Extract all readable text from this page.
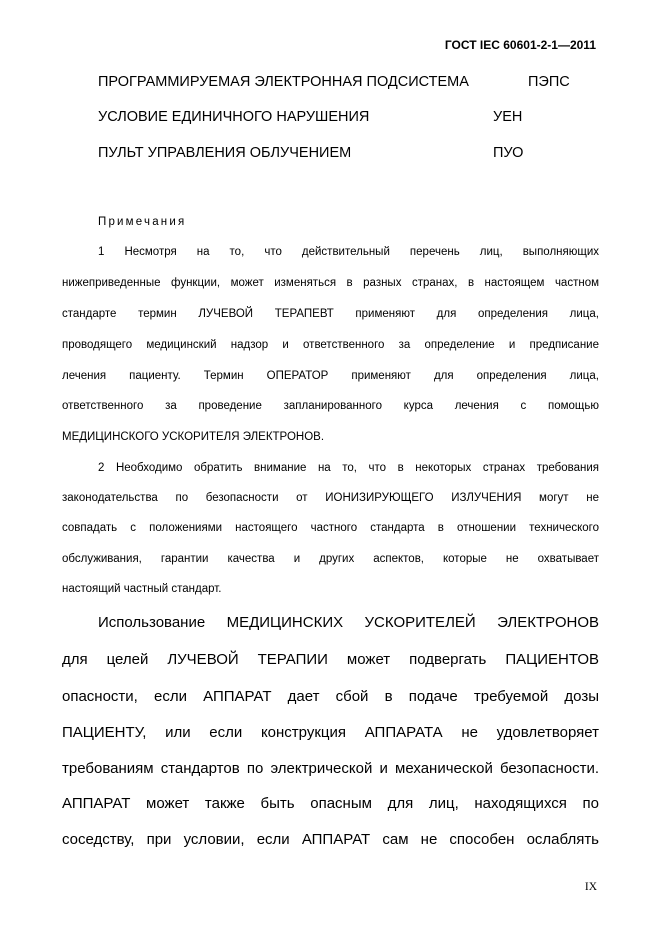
ГОСТ IEC 60601-2-1—2011
ПРОГРАММИРУЕМАЯ ЭЛЕКТРОННАЯ ПОДСИСТЕМА	ПЭПС
УСЛОВИЕ ЕДИНИЧНОГО НАРУШЕНИЯ	УЕН
ПУЛЬТ УПРАВЛЕНИЯ ОБЛУЧЕНИЕМ	ПУО
Примечания
1 Несмотря на то, что действительный перечень лиц, выполняющих
нижеприведенные функции, может изменяться в разных странах, в настоящем частном
стандарте термин ЛУЧЕВОЙ ТЕРАПЕВТ применяют для определения лица,
проводящего медицинский надзор и ответственного за определение и предписание
лечения пациенту. Термин ОПЕРАТОР применяют для определения лица,
ответственного за проведение запланированного курса лечения с помощью
МЕДИЦИНСКОГО УСКОРИТЕЛЯ ЭЛЕКТРОНОВ.
2 Необходимо обратить внимание на то, что в некоторых странах требования
законодательства по безопасности от ИОНИЗИРУЮЩЕГО ИЗЛУЧЕНИЯ могут не
совпадать с положениями настоящего частного стандарта в отношении технического
обслуживания, гарантии качества и других аспектов, которые не охватывает
настоящий частный стандарт.
Использование МЕДИЦИНСКИХ УСКОРИТЕЛЕЙ ЭЛЕКТРОНОВ
для целей ЛУЧЕВОЙ ТЕРАПИИ может подвергать ПАЦИЕНТОВ
опасности, если АППАРАТ дает сбой в подаче требуемой дозы
ПАЦИЕНТУ, или если конструкция АППАРАТА не удовлетворяет
требованиям стандартов по электрической и механической безопасности.
АППАРАТ может также быть опасным для лиц, находящихся по
соседству, при условии, если АППАРАТ сам не способен ослаблять
IX
